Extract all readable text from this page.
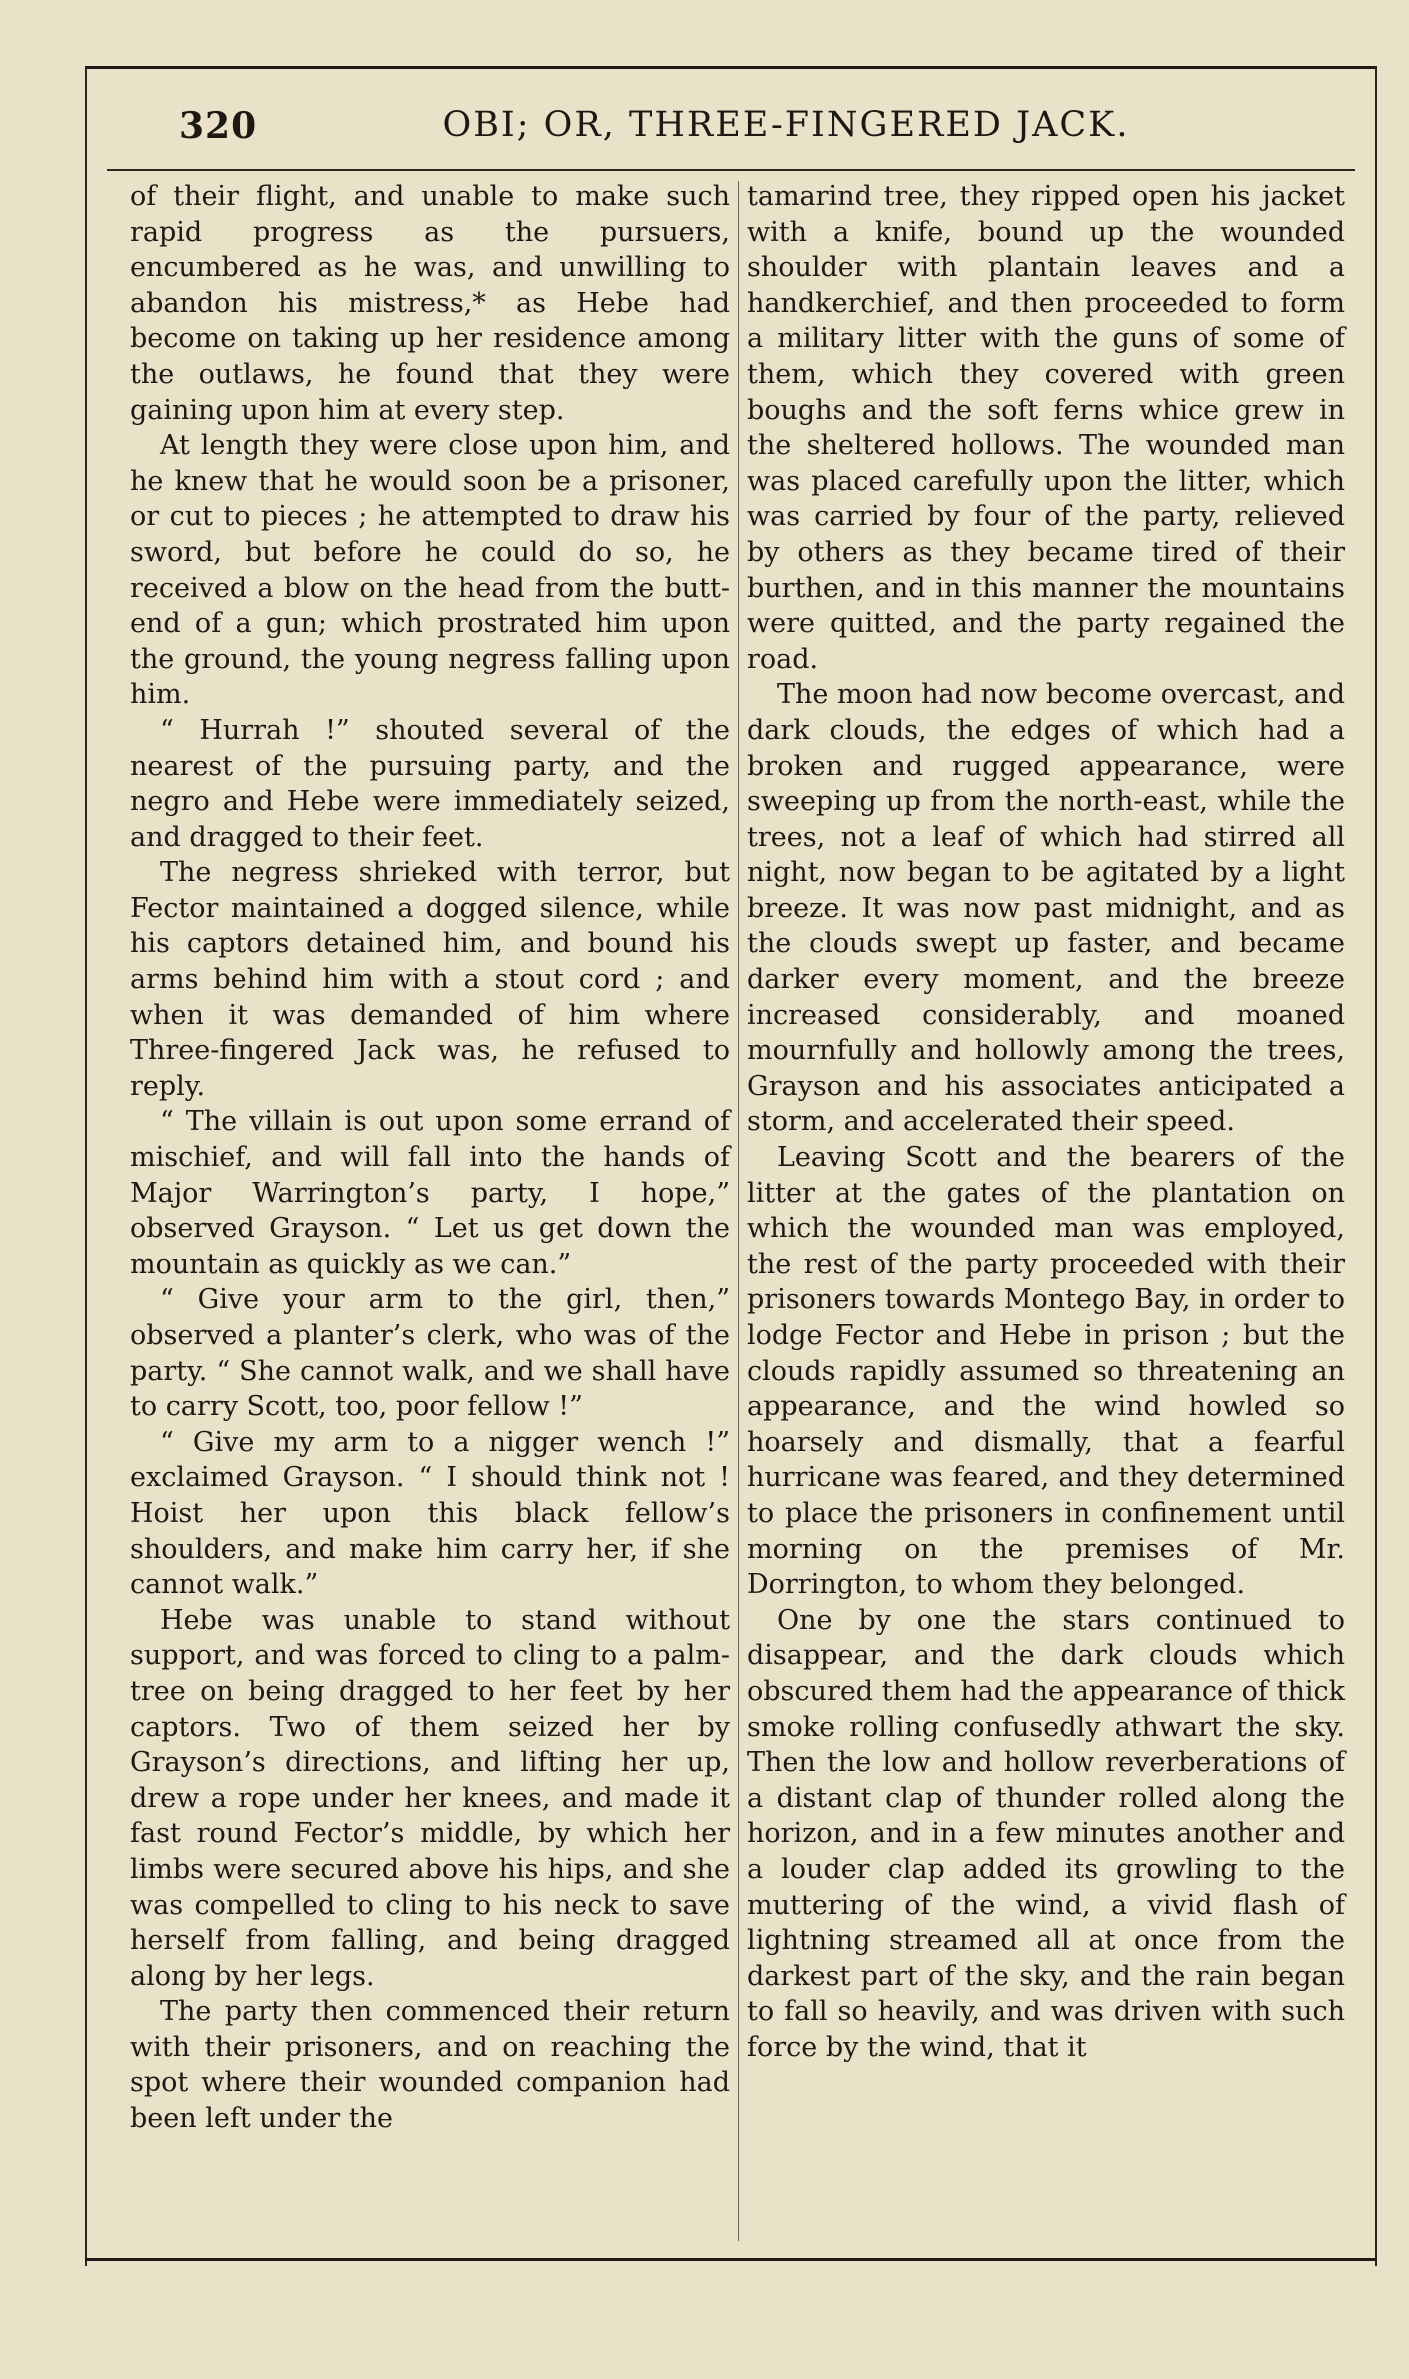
320	OBI; OR, THREE-FINGERED JACK.

of their flight, and unable to make such rapid progress as the pursuers, encumbered as he was, and unwilling to abandon his mistress,* as Hebe had become on taking up her residence among the outlaws, he found that they were gaining upon him at every step.

At length they were close upon him, and he knew that he would soon be a prisoner, or cut to pieces ; he attempted to draw his sword, but before he could do so, he received a blow on the head from the butt-end of a gun; which prostrated him upon the ground, the young negress falling upon him.

“ Hurrah !” shouted several of the nearest of the pursuing party, and the negro and Hebe were immediately seized, and dragged to their feet.

The negress shrieked with terror, but Fector maintained a dogged silence, while his captors detained him, and bound his arms behind him with a stout cord ; and when it was demanded of him where Three-fingered Jack was, he refused to reply.

“ The villain is out upon some errand of mischief, and will fall into the hands of Major Warrington’s party, I hope,” observed Grayson. “ Let us get down the mountain as quickly as we can.”

“ Give your arm to the girl, then,” observed a planter’s clerk, who was of the party. “ She cannot walk, and we shall have to carry Scott, too, poor fellow !”

“ Give my arm to a nigger wench !” exclaimed Grayson. “ I should think not ! Hoist her upon this black fellow’s shoulders, and make him carry her, if she cannot walk.”

Hebe was unable to stand without support, and was forced to cling to a palm-tree on being dragged to her feet by her captors. Two of them seized her by Grayson’s directions, and lifting her up, drew a rope under her knees, and made it fast round Fector’s middle, by which her limbs were secured above his hips, and she was compelled to cling to his neck to save herself from falling, and being dragged along by her legs.

The party then commenced their return with their prisoners, and on reaching the spot where their wounded companion had been left under the

tamarind tree, they ripped open his jacket with a knife, bound up the wounded shoulder with plantain leaves and a handkerchief, and then proceeded to form a military litter with the guns of some of them, which they covered with green boughs and the soft ferns whice grew in the sheltered hollows. The wounded man was placed carefully upon the litter, which was carried by four of the party, relieved by others as they became tired of their burthen, and in this manner the mountains were quitted, and the party regained the road.

The moon had now become overcast, and dark clouds, the edges of which had a broken and rugged appearance, were sweeping up from the north-east, while the trees, not a leaf of which had stirred all night, now began to be agitated by a light breeze. It was now past midnight, and as the clouds swept up faster, and became darker every moment, and the breeze increased considerably, and moaned mournfully and hollowly among the trees, Grayson and his associates anticipated a storm, and accelerated their speed.

Leaving Scott and the bearers of the litter at the gates of the plantation on which the wounded man was employed, the rest of the party proceeded with their prisoners towards Montego Bay, in order to lodge Fector and Hebe in prison ; but the clouds rapidly assumed so threatening an appearance, and the wind howled so hoarsely and dismally, that a fearful hurricane was feared, and they determined to place the prisoners in confinement until morning on the premises of Mr. Dorrington, to whom they belonged.

One by one the stars continued to disappear, and the dark clouds which obscured them had the appearance of thick smoke rolling confusedly athwart the sky. Then the low and hollow reverberations of a distant clap of thunder rolled along the horizon, and in a few minutes another and a louder clap added its growling to the muttering of the wind, a vivid flash of lightning streamed all at once from the darkest part of the sky, and the rain began to fall so heavily, and was driven with such force by the wind, that it
